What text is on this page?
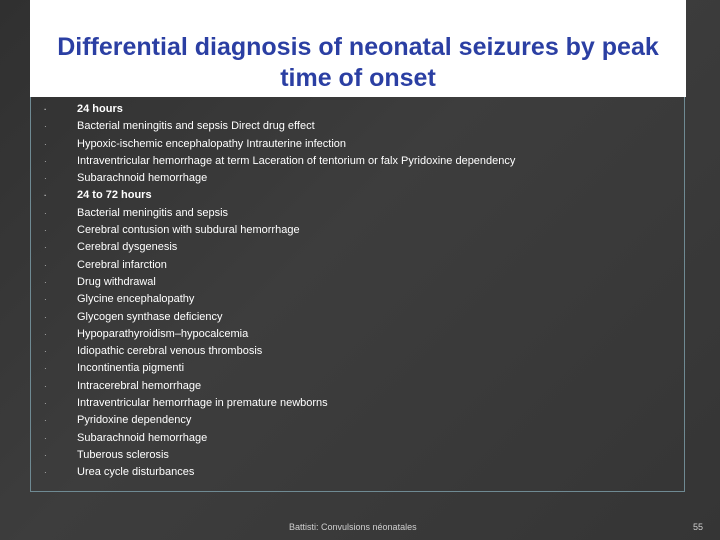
Differential diagnosis of neonatal seizures by peak time of onset
·	24 hours
·	Bacterial meningitis and sepsis Direct drug effect
·	Hypoxic-ischemic encephalopathy Intrauterine infection
·	Intraventricular hemorrhage at term Laceration of tentorium or falx Pyridoxine dependency
·	Subarachnoid hemorrhage
·	24 to 72 hours
·	Bacterial meningitis and sepsis
·	Cerebral contusion with subdural hemorrhage
·	Cerebral dysgenesis
·	Cerebral infarction
·	Drug withdrawal
·	Glycine encephalopathy
·	Glycogen synthase deficiency
·	Hypoparathyroidism–hypocalcemia
·	Idiopathic cerebral venous thrombosis
·	Incontinentia pigmenti
·	Intracerebral hemorrhage
·	Intraventricular hemorrhage in premature newborns
·	Pyridoxine dependency
·	Subarachnoid hemorrhage
·	Tuberous sclerosis
·	Urea cycle disturbances
Battisti: Convulsions néonatales	55
